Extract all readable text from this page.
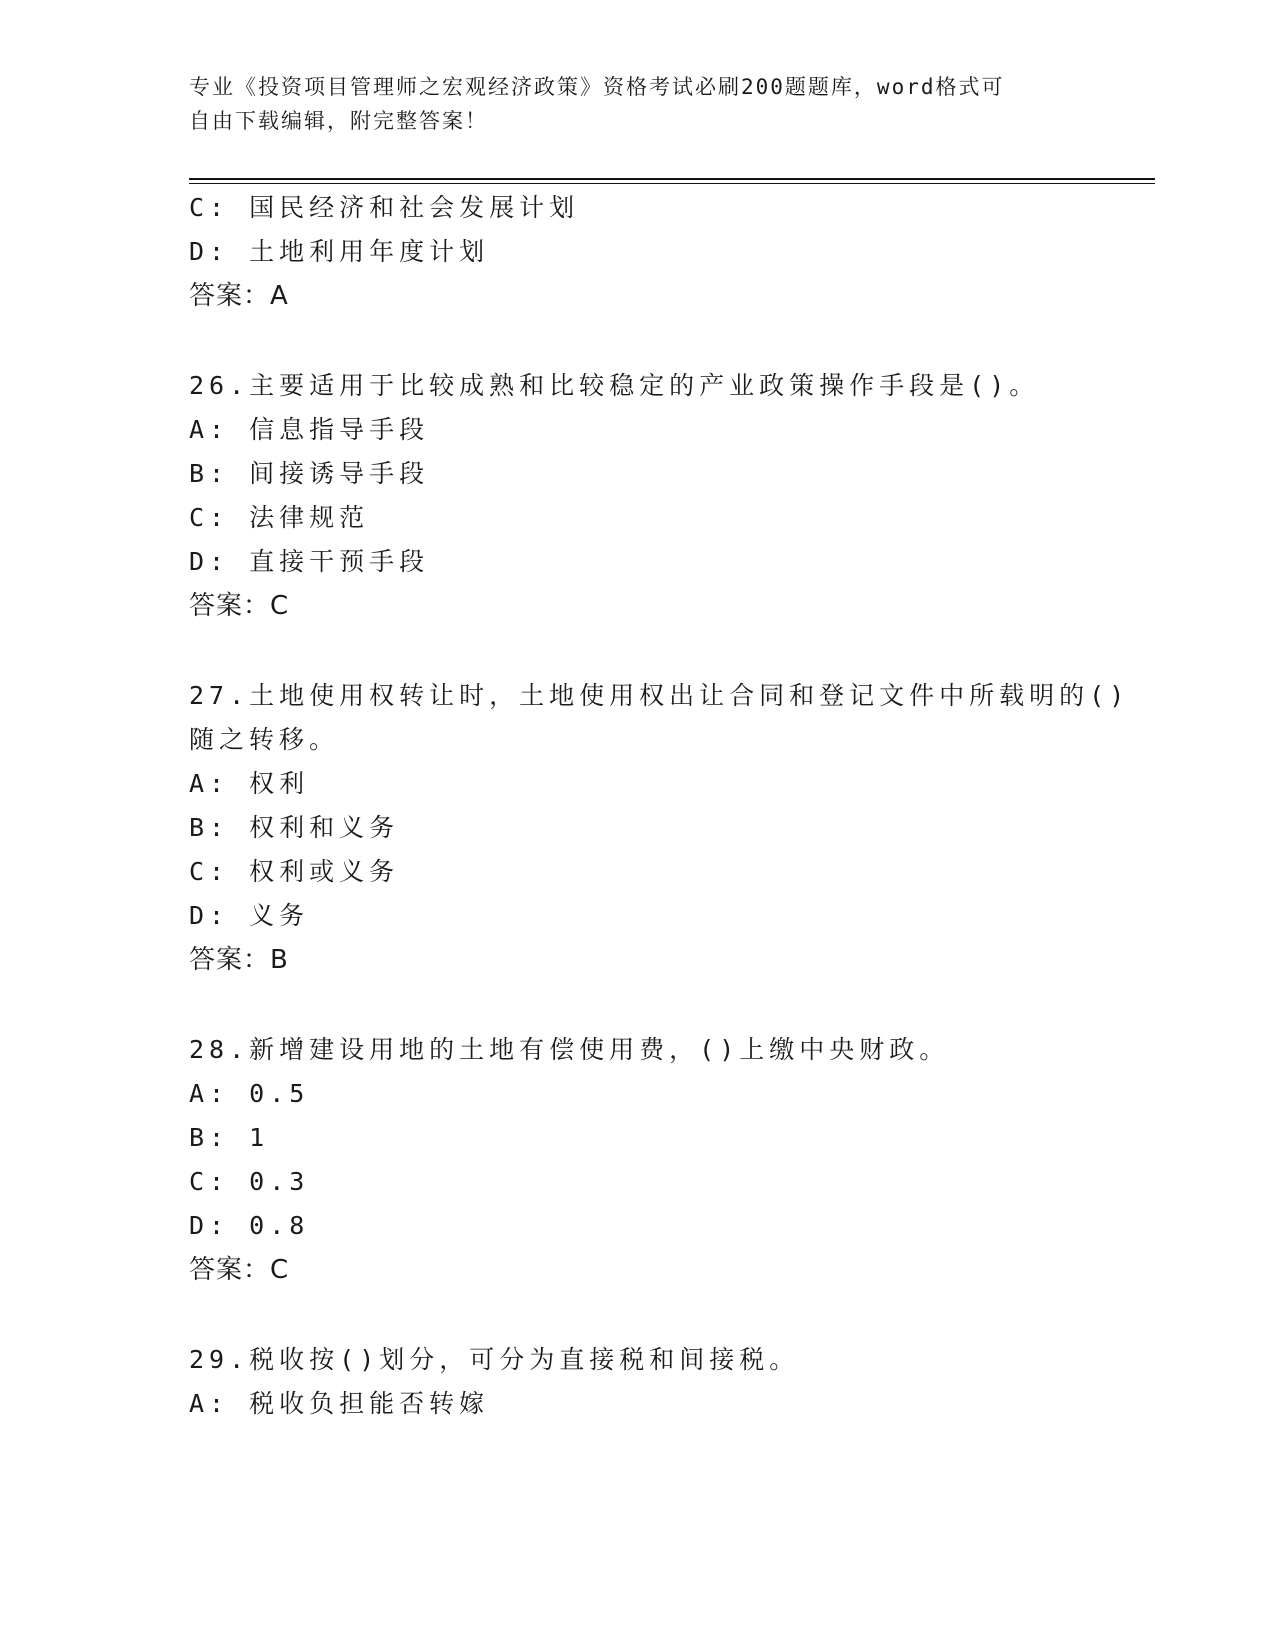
专业《投资项目管理师之宏观经济政策》资格考试必刷200题题库，word格式可
自由下载编辑，附完整答案！
C: 国民经济和社会发展计划
D: 土地利用年度计划
答案：A
26.主要适用于比较成熟和比较稳定的产业政策操作手段是()。
A: 信息指导手段
B: 间接诱导手段
C: 法律规范
D: 直接干预手段
答案：C
27.土地使用权转让时，土地使用权出让合同和登记文件中所载明的()
随之转移。
A: 权利
B: 权利和义务
C: 权利或义务
D: 义务
答案：B
28.新增建设用地的土地有偿使用费，()上缴中央财政。
A: 0.5
B: 1
C: 0.3
D: 0.8
答案：C
29.税收按()划分，可分为直接税和间接税。
A: 税收负担能否转嫁
